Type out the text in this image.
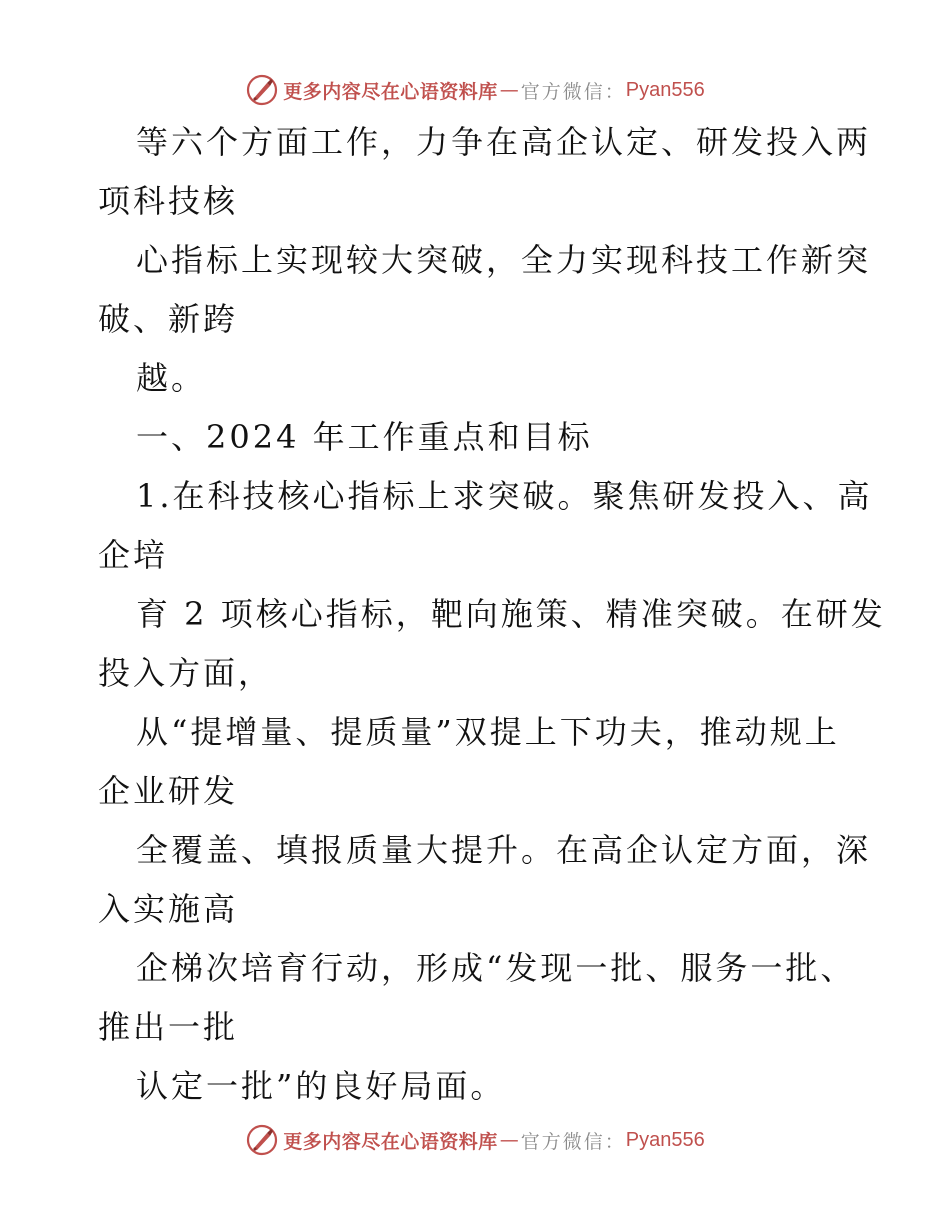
更多内容尽在心语资料库 — 官方微信： Pyan556
等六个方面工作，力争在高企认定、研发投入两
项科技核
心指标上实现较大突破，全力实现科技工作新突
破、新跨
越。
一、2024 年工作重点和目标
1.在科技核心指标上求突破。聚焦研发投入、高
企培
育 2 项核心指标，靶向施策、精准突破。在研发
投入方面，
从“提增量、提质量”双提上下功夫，推动规上
企业研发
全覆盖、填报质量大提升。在高企认定方面，深
入实施高
企梯次培育行动，形成“发现一批、服务一批、
推出一批
认定一批”的良好局面。
更多内容尽在心语资料库 — 官方微信： Pyan556
